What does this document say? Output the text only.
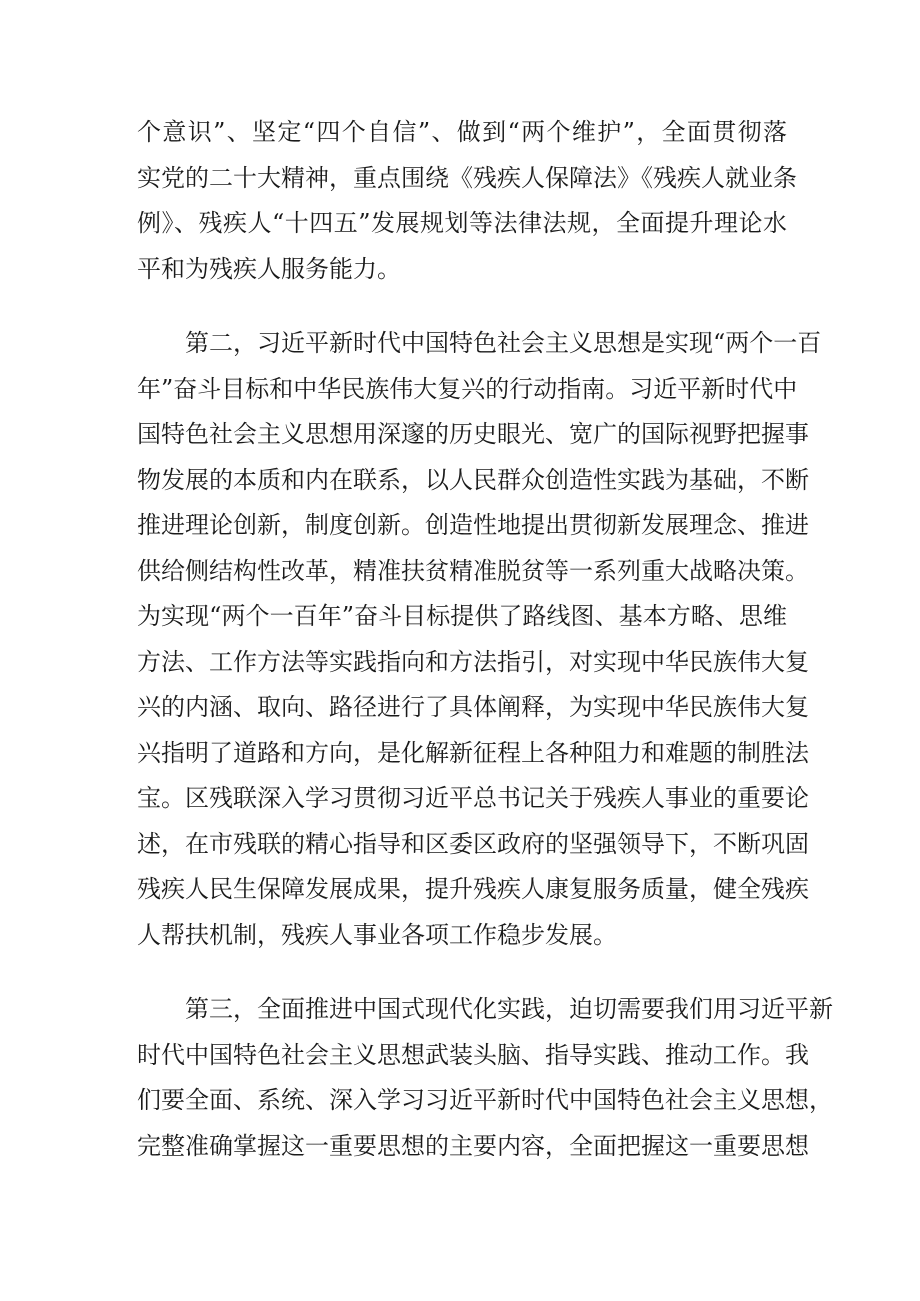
个意识”、坚定“四个自信”、做到“两个维护”，全面贯彻落
实党的二十大精神，重点围绕《残疾人保障法》《残疾人就业条
例》、残疾人“十四五”发展规划等法律法规，全面提升理论水
平和为残疾人服务能力。
第二，习近平新时代中国特色社会主义思想是实现“两个一百
年”奋斗目标和中华民族伟大复兴的行动指南。习近平新时代中
国特色社会主义思想用深邃的历史眼光、宽广的国际视野把握事
物发展的本质和内在联系，以人民群众创造性实践为基础，不断
推进理论创新，制度创新。创造性地提出贯彻新发展理念、推进
供给侧结构性改革，精准扶贫精准脱贫等一系列重大战略决策。
为实现“两个一百年”奋斗目标提供了路线图、基本方略、思维
方法、工作方法等实践指向和方法指引，对实现中华民族伟大复
兴的内涵、取向、路径进行了具体阐释，为实现中华民族伟大复
兴指明了道路和方向，是化解新征程上各种阻力和难题的制胜法
宝。区残联深入学习贯彻习近平总书记关于残疾人事业的重要论
述，在市残联的精心指导和区委区政府的坚强领导下，不断巩固
残疾人民生保障发展成果，提升残疾人康复服务质量，健全残疾
人帮扶机制，残疾人事业各项工作稳步发展。
第三，全面推进中国式现代化实践，迫切需要我们用习近平新
时代中国特色社会主义思想武装头脑、指导实践、推动工作。我
们要全面、系统、深入学习习近平新时代中国特色社会主义思想，
完整准确掌握这一重要思想的主要内容，全面把握这一重要思想
